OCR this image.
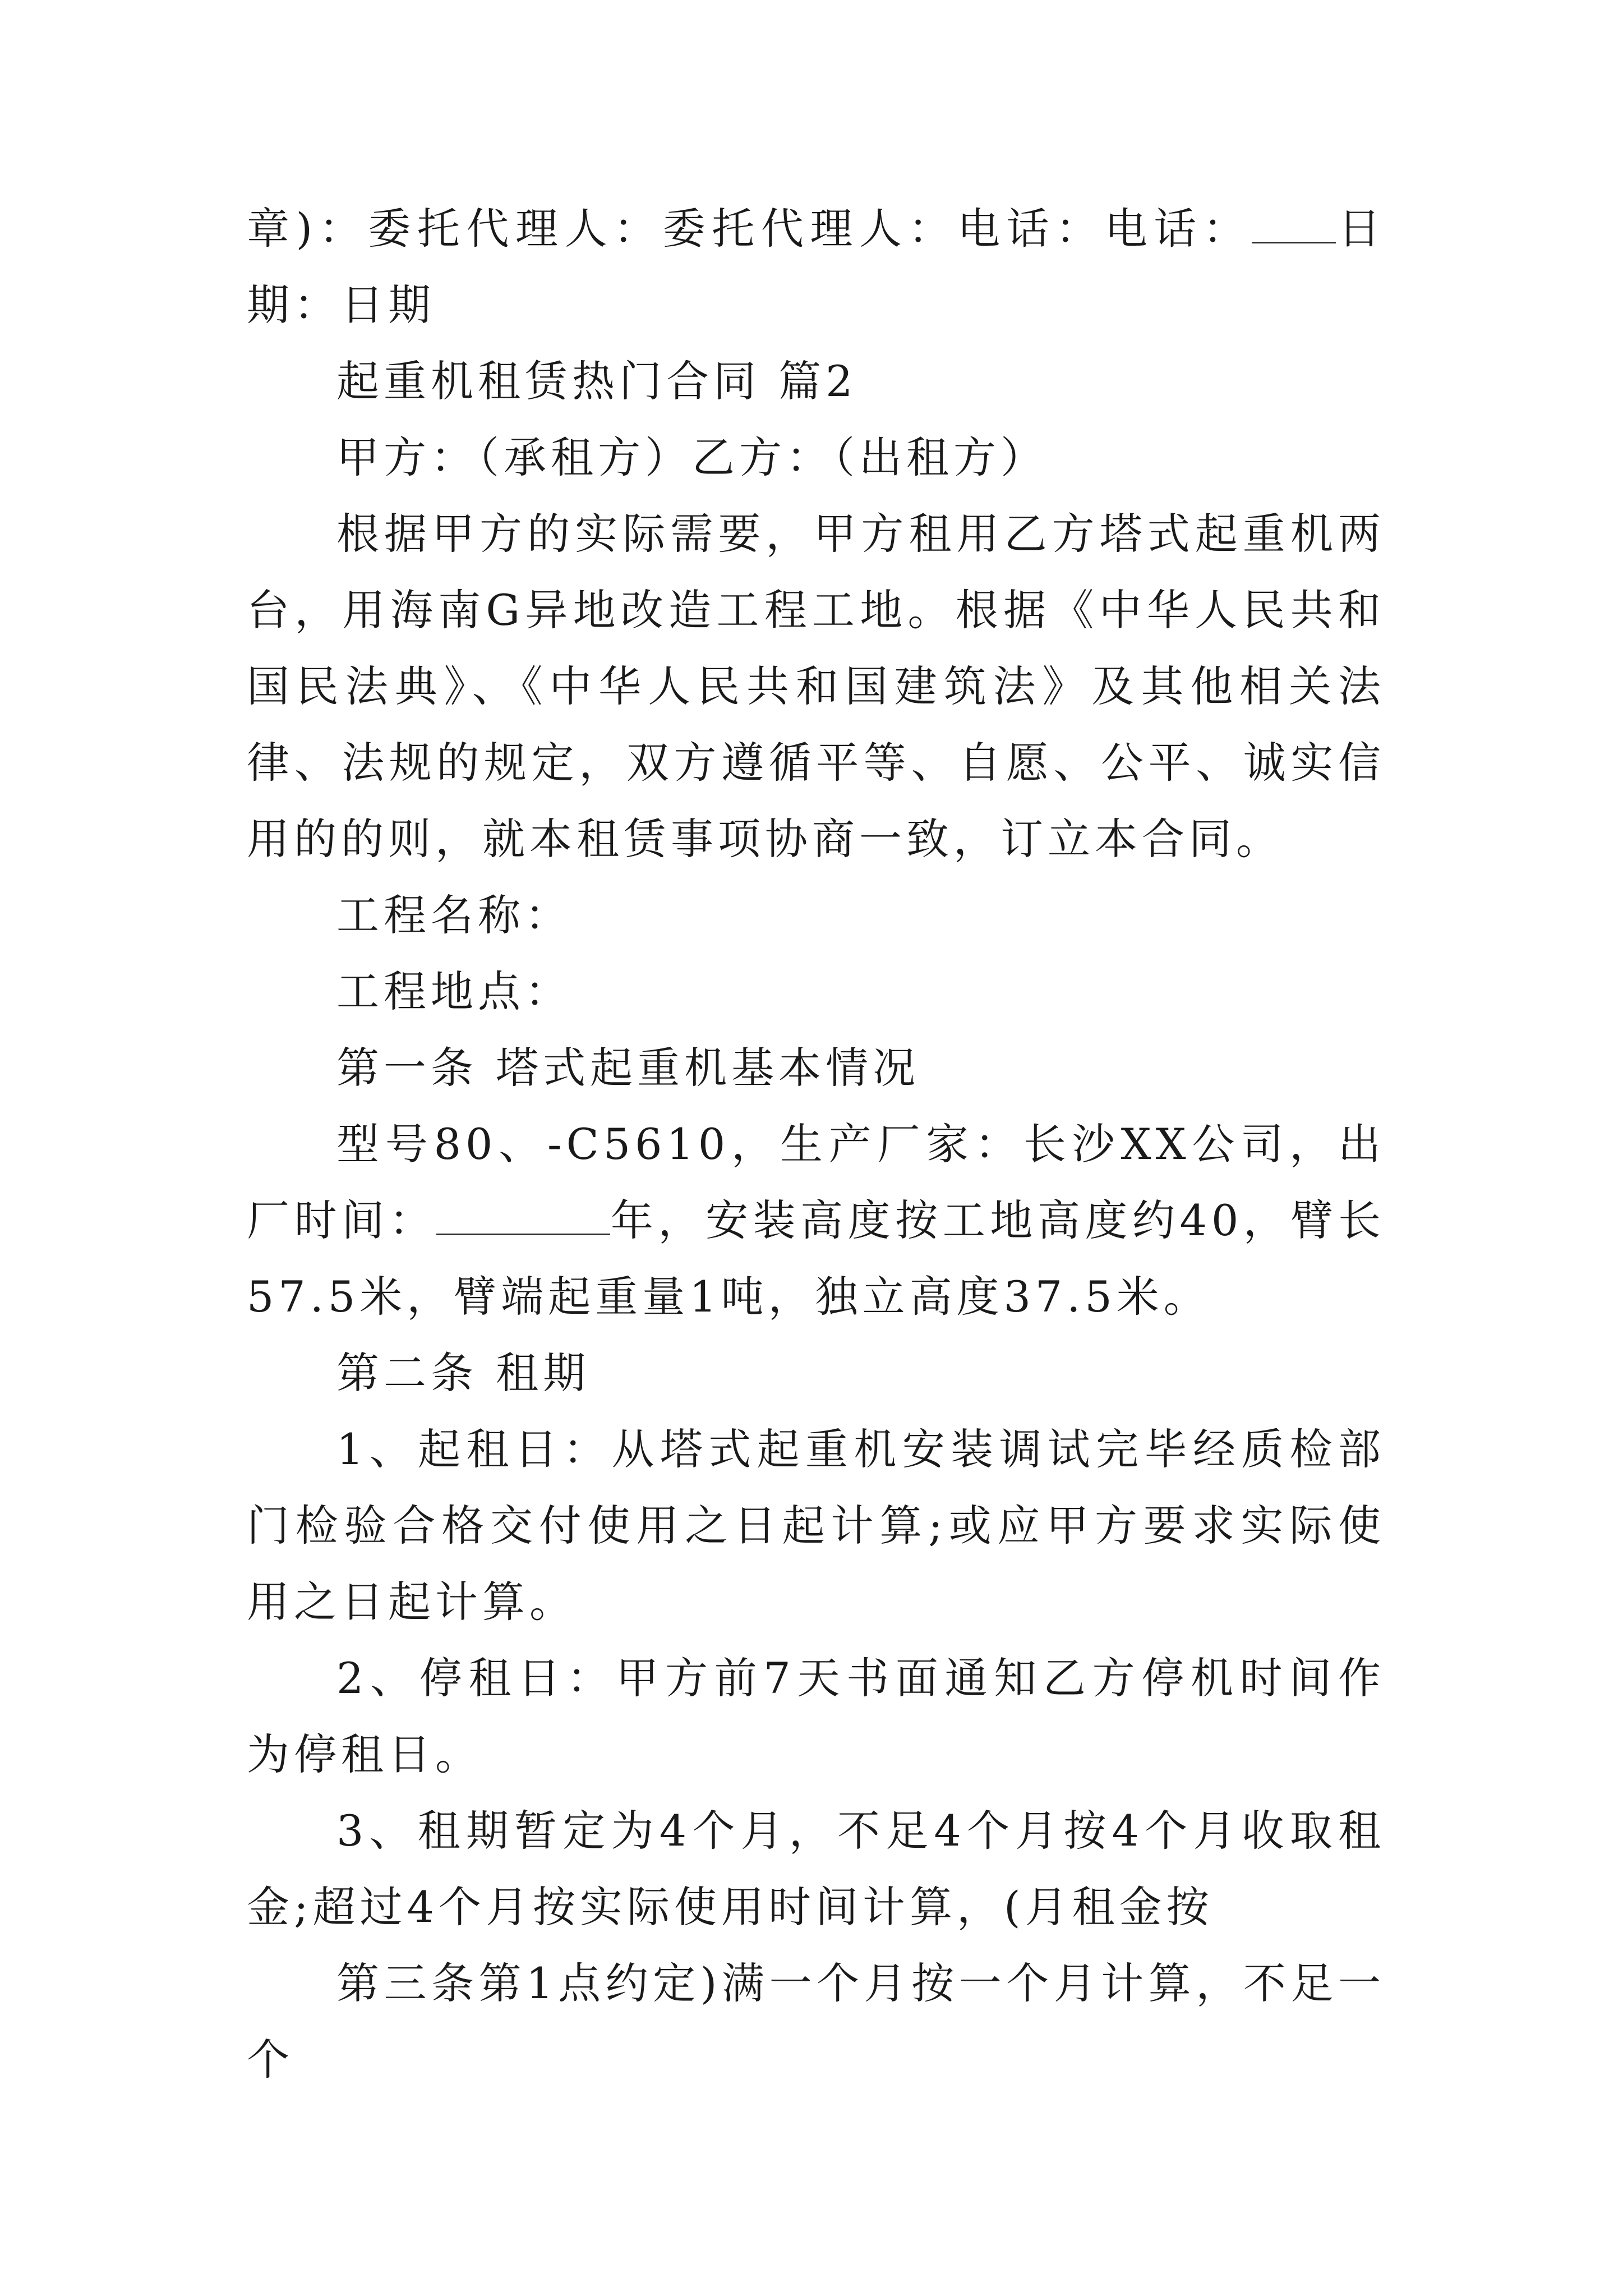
章)：委托代理人：委托代理人：电话：电话： 日期：日期

起重机租赁热门合同 篇2

甲方：（承租方）乙方：（出租方）

根据甲方的实际需要，甲方租用乙方塔式起重机两台，用海南G异地改造工程工地。根据《中华人民共和国民法典》、《中华人民共和国建筑法》及其他相关法律、法规的规定，双方遵循平等、自愿、公平、诚实信用的的则，就本租赁事项协商一致，订立本合同。

工程名称：

工程地点：

第一条 塔式起重机基本情况

型号80、-C5610，生产厂家：长沙XX公司，出厂时间：	年，安装高度按工地高度约40，臂长57.5米，臂端起重量1吨，独立高度37.5米。

第二条 租期

1、起租日：从塔式起重机安装调试完毕经质检部门检验合格交付使用之日起计算;或应甲方要求实际使用之日起计算。

2、停租日：甲方前7天书面通知乙方停机时间作为停租日。

3、租期暂定为4个月，不足4个月按4个月收取租金;超过4个月按实际使用时间计算，(月租金按

第三条第1点约定)满一个月按一个月计算，不足一个
